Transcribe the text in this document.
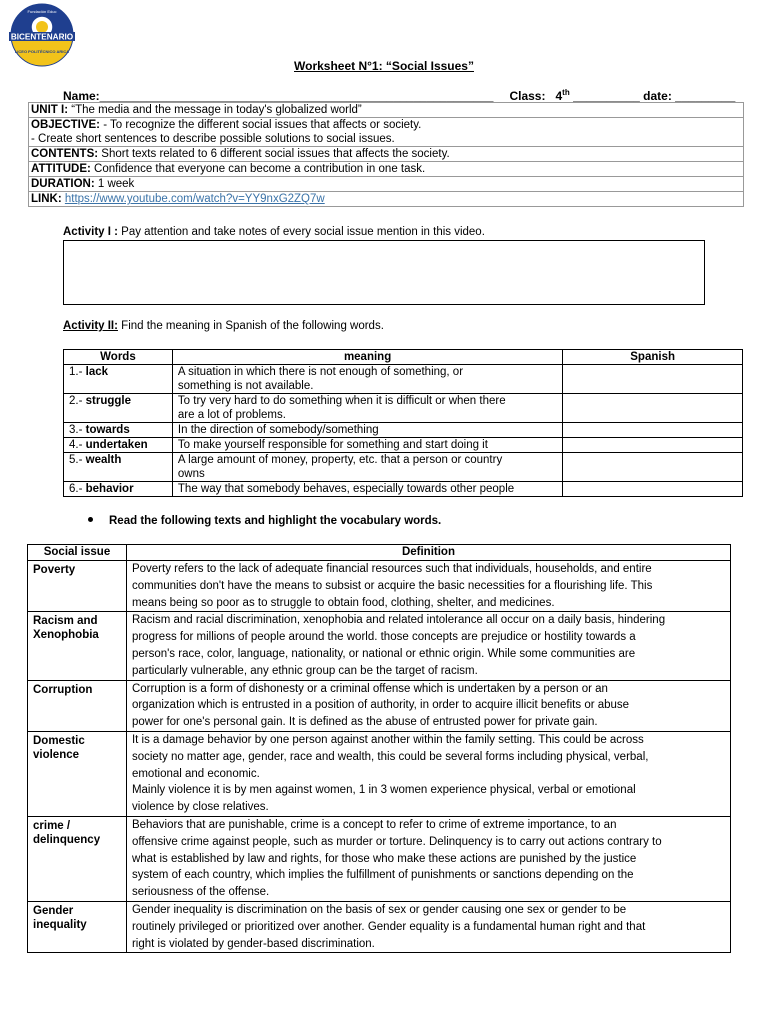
Fundación Educ
BICENTENARIO
LICEO POLITÉCNICO ARICA
Worksheet N°1: “Social Issues”
Name:___________________________________________________________ Class: 4th __________ date: _________
UNIT I: “The media and the message in today's globalized world”
OBJECTIVE: - To recognize the different social issues that affects or society.
- Create short sentences to describe possible solutions to social issues.
CONTENTS: Short texts related to 6 different social issues that affects the society.
ATTITUDE: Confidence that everyone can become a contribution in one task.
DURATION: 1 week
LINK: https://www.youtube.com/watch?v=YY9nxG2ZQ7w
Activity I : Pay attention and take notes of every social issue mention in this video.
Activity II: Find the meaning in Spanish of the following words.
Words	meaning	Spanish
1.- lack	A situation in which there is not enough of something, or
something is not available.	
2.- struggle	To try very hard to do something when it is difficult or when there
are a lot of problems.	
3.- towards	In the direction of somebody/something	
4.- undertaken	To make yourself responsible for something and start doing it	
5.- wealth	A large amount of money, property, etc. that a person or country
owns	
6.- behavior	The way that somebody behaves, especially towards other people	
Read the following texts and highlight the vocabulary words.
Social issue	Definition
Poverty	Poverty refers to the lack of adequate financial resources such that individuals, households, and entire
communities don't have the means to subsist or acquire the basic necessities for a flourishing life. This
means being so poor as to struggle to obtain food, clothing, shelter, and medicines.
Racism and
Xenophobia	Racism and racial discrimination, xenophobia and related intolerance all occur on a daily basis, hindering
progress for millions of people around the world. those concepts are prejudice or hostility towards a
person's race, color, language, nationality, or national or ethnic origin. While some communities are
particularly vulnerable, any ethnic group can be the target of racism.
Corruption	Corruption is a form of dishonesty or a criminal offense which is undertaken by a person or an
organization which is entrusted in a position of authority, in order to acquire illicit benefits or abuse
power for one's personal gain. It is defined as the abuse of entrusted power for private gain.
Domestic
violence	It is a damage behavior by one person against another within the family setting. This could be across
society no matter age, gender, race and wealth, this could be several forms including physical, verbal,
emotional and economic.
Mainly violence it is by men against women, 1 in 3 women experience physical, verbal or emotional
violence by close relatives.
crime /
delinquency	Behaviors that are punishable, crime is a concept to refer to crime of extreme importance, to an
offensive crime against people, such as murder or torture. Delinquency is to carry out actions contrary to
what is established by law and rights, for those who make these actions are punished by the justice
system of each country, which implies the fulfillment of punishments or sanctions depending on the
seriousness of the offense.
Gender
inequality	Gender inequality is discrimination on the basis of sex or gender causing one sex or gender to be
routinely privileged or prioritized over another. Gender equality is a fundamental human right and that
right is violated by gender-based discrimination.
